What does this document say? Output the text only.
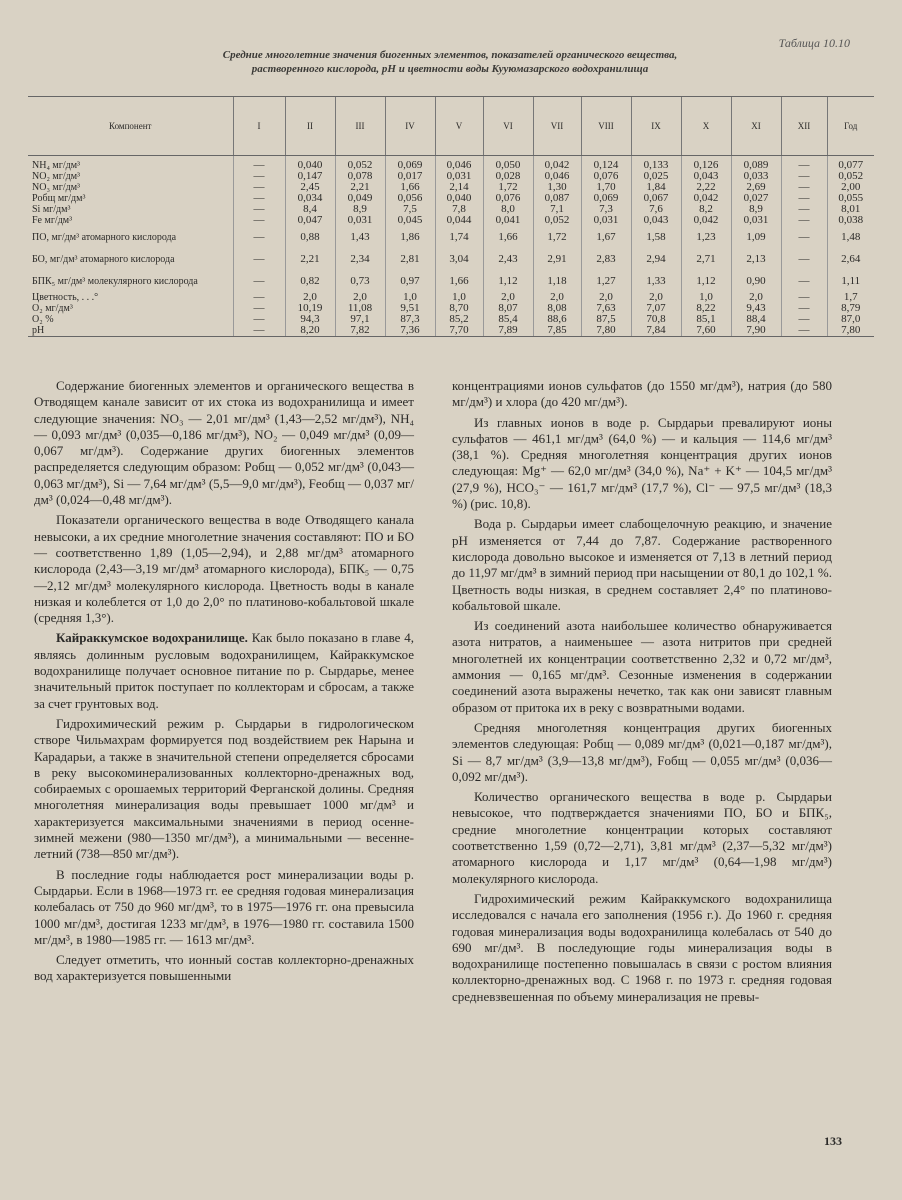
Таблица 10.10
Средние многолетние значения биогенных элементов, показателей органического вещества, растворенного кислорода, pH и цветности воды Кууюмазарского водохранилища
Компонент	I	II	III	IV	V	VI	VII	VIII	IX	X	XI	XII	Год
NH₄ мг/дм³	—	0,040	0,052	0,069	0,046	0,050	0,042	0,124	0,133	0,126	0,089	—	0,077
NO₂ мг/дм³	—	0,147	0,078	0,017	0,031	0,028	0,046	0,076	0,025	0,043	0,033	—	0,052
NO₃ мг/дм³	—	2,45	2,21	1,66	2,14	1,72	1,30	1,70	1,84	2,22	2,69	—	2,00
Pобщ мг/дм³	—	0,034	0,049	0,056	0,040	0,076	0,087	0,069	0,067	0,042	0,027	—	0,055
Si мг/дм³	—	8,4	8,9	7,5	7,8	8,0	7,1	7,3	7,6	8,2	8,9	—	8,01
Fe мг/дм³	—	0,047	0,031	0,045	0,044	0,041	0,052	0,031	0,043	0,042	0,031	—	0,038
ПО, мг/дм³ атомарного кислорода	—	0,88	1,43	1,86	1,74	1,66	1,72	1,67	1,58	1,23	1,09	—	1,48
БО, мг/дм³ атомарного кислорода	—	2,21	2,34	2,81	3,04	2,43	2,91	2,83	2,94	2,71	2,13	—	2,64
БПК₅ мг/дм³ молекулярного кислорода	—	0,82	0,73	0,97	1,66	1,12	1,18	1,27	1,33	1,12	0,90	—	1,11
Цветность, . . .°	—	2,0	2,0	1,0	1,0	2,0	2,0	2,0	2,0	1,0	2,0	—	1,7
O₂ мг/дм³	—	10,19	11,08	9,51	8,70	8,07	8,08	7,63	7,07	8,22	9,43	—	8,79
O₂ %	—	94,3	97,1	87,3	85,2	85,4	88,6	87,5	70,8	85,1	88,4	—	87,0
pH	—	8,20	7,82	7,36	7,70	7,89	7,85	7,80	7,84	7,60	7,90	—	7,80

Содержание биогенных элементов и органического вещества в Отводящем канале зависит от их стока из водохранилища и имеет следующие значения: NO₃ — 2,01 мг/дм³ (1,43—2,52 мг/дм³), NH₄ — 0,093 мг/дм³ (0,035—0,186 мг/дм³), NO₂ — 0,049 мг/дм³ (0,09—0,067 мг/дм³). Содержание других биогенных элементов распределяется следующим образом: Pобщ — 0,052 мг/дм³ (0,043—0,063 мг/дм³), Si — 7,64 мг/дм³ (5,5—9,0 мг/дм³), Feобщ — 0,037 мг/дм³ (0,024—0,48 мг/дм³).

Показатели органического вещества в воде Отводящего канала невысоки, а их средние многолетние значения составляют: ПО и БО — соответственно 1,89 (1,05—2,94), и 2,88 мг/дм³ атомарного кислорода (2,43—3,19 мг/дм³ атомарного кислорода), БПК₅ — 0,75—2,12 мг/дм³ молекулярного кислорода. Цветность воды в канале низкая и колеблется от 1,0 до 2,0° по платиново-кобальтовой шкале (средняя 1,3°).

Кайраккумское водохранилище. Как было показано в главе 4, являясь долинным русловым водохранилищем, Кайраккумское водохранилище получает основное питание по р. Сырдарье, менее значительный приток поступает по коллекторам и сбросам, а также за счет грунтовых вод.

Гидрохимический режим р. Сырдарьи в гидрологическом створе Чильмахрам формируется под воздействием рек Нарына и Карадарьи, а также в значительной степени определяется сбросами в реку высокоминерализованных коллекторно-дренажных вод, собираемых с орошаемых территорий Ферганской долины. Средняя многолетняя минерализация воды превышает 1000 мг/дм³ и характеризуется максимальными значениями в период осенне-зимней межени (980—1350 мг/дм³), а минимальными — весенне-летний (738—850 мг/дм³).

В последние годы наблюдается рост минерализации воды р. Сырдарьи. Если в 1968—1973 гг. ее средняя годовая минерализация колебалась от 750 до 960 мг/дм³, то в 1975—1976 гг. она превысила 1000 мг/дм³, достигая 1233 мг/дм³, в 1976—1980 гг. составила 1500 мг/дм³, в 1980—1985 гг. — 1613 мг/дм³.

Следует отметить, что ионный состав коллекторно-дренажных вод характеризуется повышенными

концентрациями ионов сульфатов (до 1550 мг/дм³), натрия (до 580 мг/дм³) и хлора (до 420 мг/дм³).

Из главных ионов в воде р. Сырдарьи превалируют ионы сульфатов — 461,1 мг/дм³ (64,0 %) — и кальция — 114,6 мг/дм³ (38,1 %). Средняя многолетняя концентрация других ионов следующая: Mg⁺ — 62,0 мг/дм³ (34,0 %), Na⁺ + K⁺ — 104,5 мг/дм³ (27,9 %), HCO₃⁻ — 161,7 мг/дм³ (17,7 %), Cl⁻ — 97,5 мг/дм³ (18,3 %) (рис. 10,8).

Вода р. Сырдарьи имеет слабощелочную реакцию, и значение pH изменяется от 7,44 до 7,87. Содержание растворенного кислорода довольно высокое и изменяется от 7,13 в летний период до 11,97 мг/дм³ в зимний период при насыщении от 80,1 до 102,1 %. Цветность воды низкая, в среднем составляет 2,4° по платиново-кобальтовой шкале.

Из соединений азота наибольшее количество обнаруживается азота нитратов, а наименьшее — азота нитритов при средней многолетней их концентрации соответственно 2,32 и 0,72 мг/дм³, аммония — 0,165 мг/дм³. Сезонные изменения в содержании соединений азота выражены нечетко, так как они зависят главным образом от притока их в реку с возвратными водами.

Средняя многолетняя концентрация других биогенных элементов следующая: Pобщ — 0,089 мг/дм³ (0,021—0,187 мг/дм³), Si — 8,7 мг/дм³ (3,9—13,8 мг/дм³), Fобщ — 0,055 мг/дм³ (0,036—0,092 мг/дм³).

Количество органического вещества в воде р. Сырдарьи невысокое, что подтверждается значениями ПО, БО и БПК₅, средние многолетние концентрации которых составляют соответственно 1,59 (0,72—2,71), 3,81 мг/дм³ (2,37—5,32 мг/дм³) атомарного кислорода и 1,17 мг/дм³ (0,64—1,98 мг/дм³) молекулярного кислорода.

Гидрохимический режим Кайраккумского водохранилища исследовался с начала его заполнения (1956 г.). До 1960 г. средняя годовая минерализация воды водохранилища колебалась от 540 до 690 мг/дм³. В последующие годы минерализация воды в водохранилище постепенно повышалась в связи с ростом влияния коллекторно-дренажных вод. С 1968 г. по 1973 г. средняя годовая средневзвешенная по объему минерализация не превы-

133
